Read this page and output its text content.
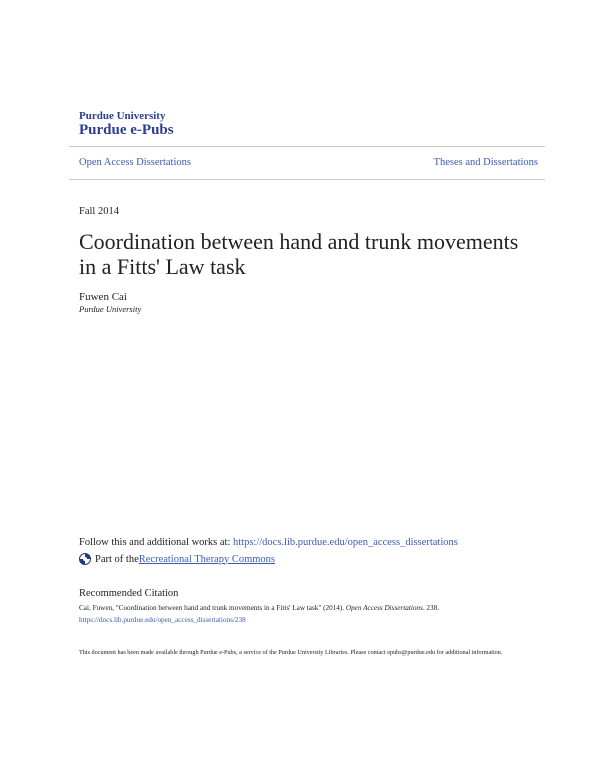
Purdue University
Purdue e-Pubs
Open Access Dissertations	Theses and Dissertations
Fall 2014
Coordination between hand and trunk movements in a Fitts' Law task
Fuwen Cai
Purdue University
Follow this and additional works at: https://docs.lib.purdue.edu/open_access_dissertations
Part of the Recreational Therapy Commons
Recommended Citation
Cai, Fuwen, "Coordination between hand and trunk movements in a Fitts' Law task" (2014). Open Access Dissertations. 238.
https://docs.lib.purdue.edu/open_access_dissertations/238
This document has been made available through Purdue e-Pubs, a service of the Purdue University Libraries. Please contact epubs@purdue.edu for additional information.
